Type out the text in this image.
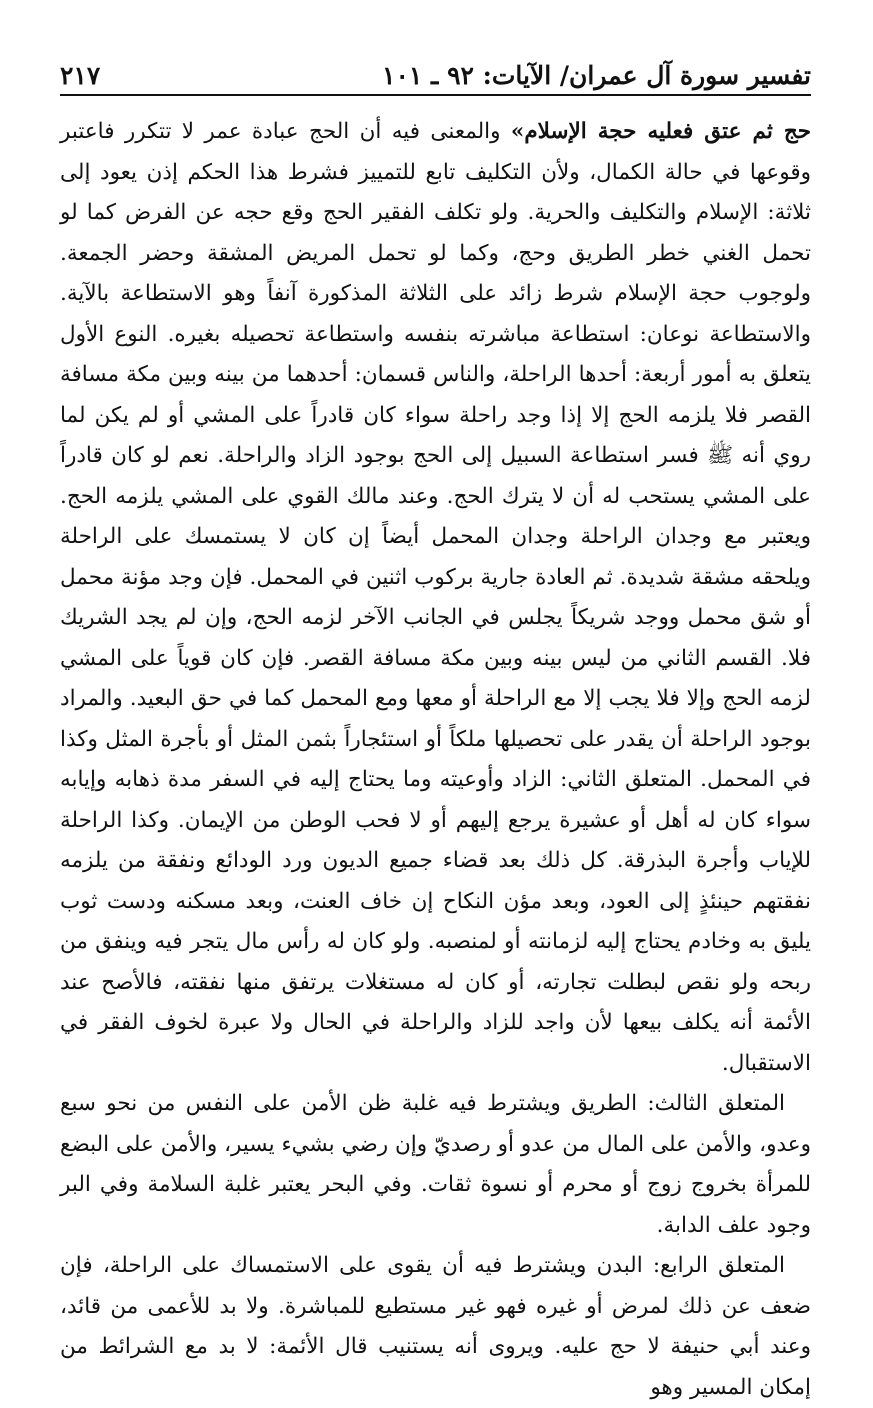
تفسير سورة آل عمران/ الآيات: ٩٢ ـ ١٠١
٢١٧

حج ثم عتق فعليه حجة الإسلام» والمعنى فيه أن الحج عبادة عمر لا تتكرر فاعتبر وقوعها في حالة الكمال، ولأن التكليف تابع للتمييز فشرط هذا الحكم إذن يعود إلى ثلاثة: الإسلام والتكليف والحرية. ولو تكلف الفقير الحج وقع حجه عن الفرض كما لو تحمل الغني خطر الطريق وحج، وكما لو تحمل المريض المشقة وحضر الجمعة. ولوجوب حجة الإسلام شرط زائد على الثلاثة المذكورة آنفاً وهو الاستطاعة بالآية. والاستطاعة نوعان: استطاعة مباشرته بنفسه واستطاعة تحصيله بغيره. النوع الأول يتعلق به أمور أربعة: أحدها الراحلة، والناس قسمان: أحدهما من بينه وبين مكة مسافة القصر فلا يلزمه الحج إلا إذا وجد راحلة سواء كان قادراً على المشي أو لم يكن لما روي أنه ﷺ فسر استطاعة السبيل إلى الحج بوجود الزاد والراحلة. نعم لو كان قادراً على المشي يستحب له أن لا يترك الحج. وعند مالك القوي على المشي يلزمه الحج. ويعتبر مع وجدان الراحلة وجدان المحمل أيضاً إن كان لا يستمسك على الراحلة ويلحقه مشقة شديدة. ثم العادة جارية بركوب اثنين في المحمل. فإن وجد مؤنة محمل أو شق محمل ووجد شريكاً يجلس في الجانب الآخر لزمه الحج، وإن لم يجد الشريك فلا. القسم الثاني من ليس بينه وبين مكة مسافة القصر. فإن كان قوياً على المشي لزمه الحج وإلا فلا يجب إلا مع الراحلة أو معها ومع المحمل كما في حق البعيد. والمراد بوجود الراحلة أن يقدر على تحصيلها ملكاً أو استئجاراً بثمن المثل أو بأجرة المثل وكذا في المحمل. المتعلق الثاني: الزاد وأوعيته وما يحتاج إليه في السفر مدة ذهابه وإيابه سواء كان له أهل أو عشيرة يرجع إليهم أو لا فحب الوطن من الإيمان. وكذا الراحلة للإياب وأجرة البذرقة. كل ذلك بعد قضاء جميع الديون ورد الودائع ونفقة من يلزمه نفقتهم حينئذٍ إلى العود، وبعد مؤن النكاح إن خاف العنت، وبعد مسكنه ودست ثوب يليق به وخادم يحتاج إليه لزمانته أو لمنصبه. ولو كان له رأس مال يتجر فيه وينفق من ربحه ولو نقص لبطلت تجارته، أو كان له مستغلات يرتفق منها نفقته، فالأصح عند الأئمة أنه يكلف بيعها لأن واجد للزاد والراحلة في الحال ولا عبرة لخوف الفقر في الاستقبال.

المتعلق الثالث: الطريق ويشترط فيه غلبة ظن الأمن على النفس من نحو سبع وعدو، والأمن على المال من عدو أو رصديّ وإن رضي بشيء يسير، والأمن على البضع للمرأة بخروج زوج أو محرم أو نسوة ثقات. وفي البحر يعتبر غلبة السلامة وفي البر وجود علف الدابة.

المتعلق الرابع: البدن ويشترط فيه أن يقوى على الاستمساك على الراحلة، فإن ضعف عن ذلك لمرض أو غيره فهو غير مستطيع للمباشرة. ولا بد للأعمى من قائد، وعند أبي حنيفة لا حج عليه. ويروى أنه يستنيب قال الأئمة: لا بد مع الشرائط من إمكان المسير وهو
